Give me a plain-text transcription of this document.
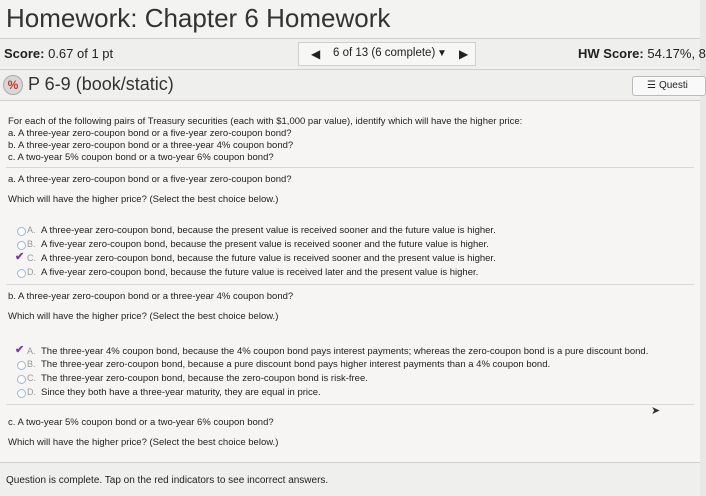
Homework: Chapter 6 Homework
Score: 0.67 of 1 pt	◀ 6 of 13 (6 complete) ▼ ▶	HW Score: 54.17%, 8
% P 6-9 (book/static)	☰ Questi
For each of the following pairs of Treasury securities (each with $1,000 par value), identify which will have the higher price:
a. A three-year zero-coupon bond or a five-year zero-coupon bond?
b. A three-year zero-coupon bond or a three-year 4% coupon bond?
c. A two-year 5% coupon bond or a two-year 6% coupon bond?
a. A three-year zero-coupon bond or a five-year zero-coupon bond?
Which will have the higher price? (Select the best choice below.)
A. A three-year zero-coupon bond, because the present value is received sooner and the future value is higher.
B. A five-year zero-coupon bond, because the present value is received sooner and the future value is higher.
✔ C. A three-year zero-coupon bond, because the future value is received sooner and the present value is higher.
D. A five-year zero-coupon bond, because the future value is received later and the present value is higher.
b. A three-year zero-coupon bond or a three-year 4% coupon bond?
Which will have the higher price? (Select the best choice below.)
✔ A. The three-year 4% coupon bond, because the 4% coupon bond pays interest payments; whereas the zero-coupon bond is a pure discount bond.
B. The three-year zero-coupon bond, because a pure discount bond pays higher interest payments than a 4% coupon bond.
C. The three-year zero-coupon bond, because the zero-coupon bond is risk-free.
D. Since they both have a three-year maturity, they are equal in price.
c. A two-year 5% coupon bond or a two-year 6% coupon bond?
Which will have the higher price? (Select the best choice below.)
➤
Question is complete. Tap on the red indicators to see incorrect answers.
